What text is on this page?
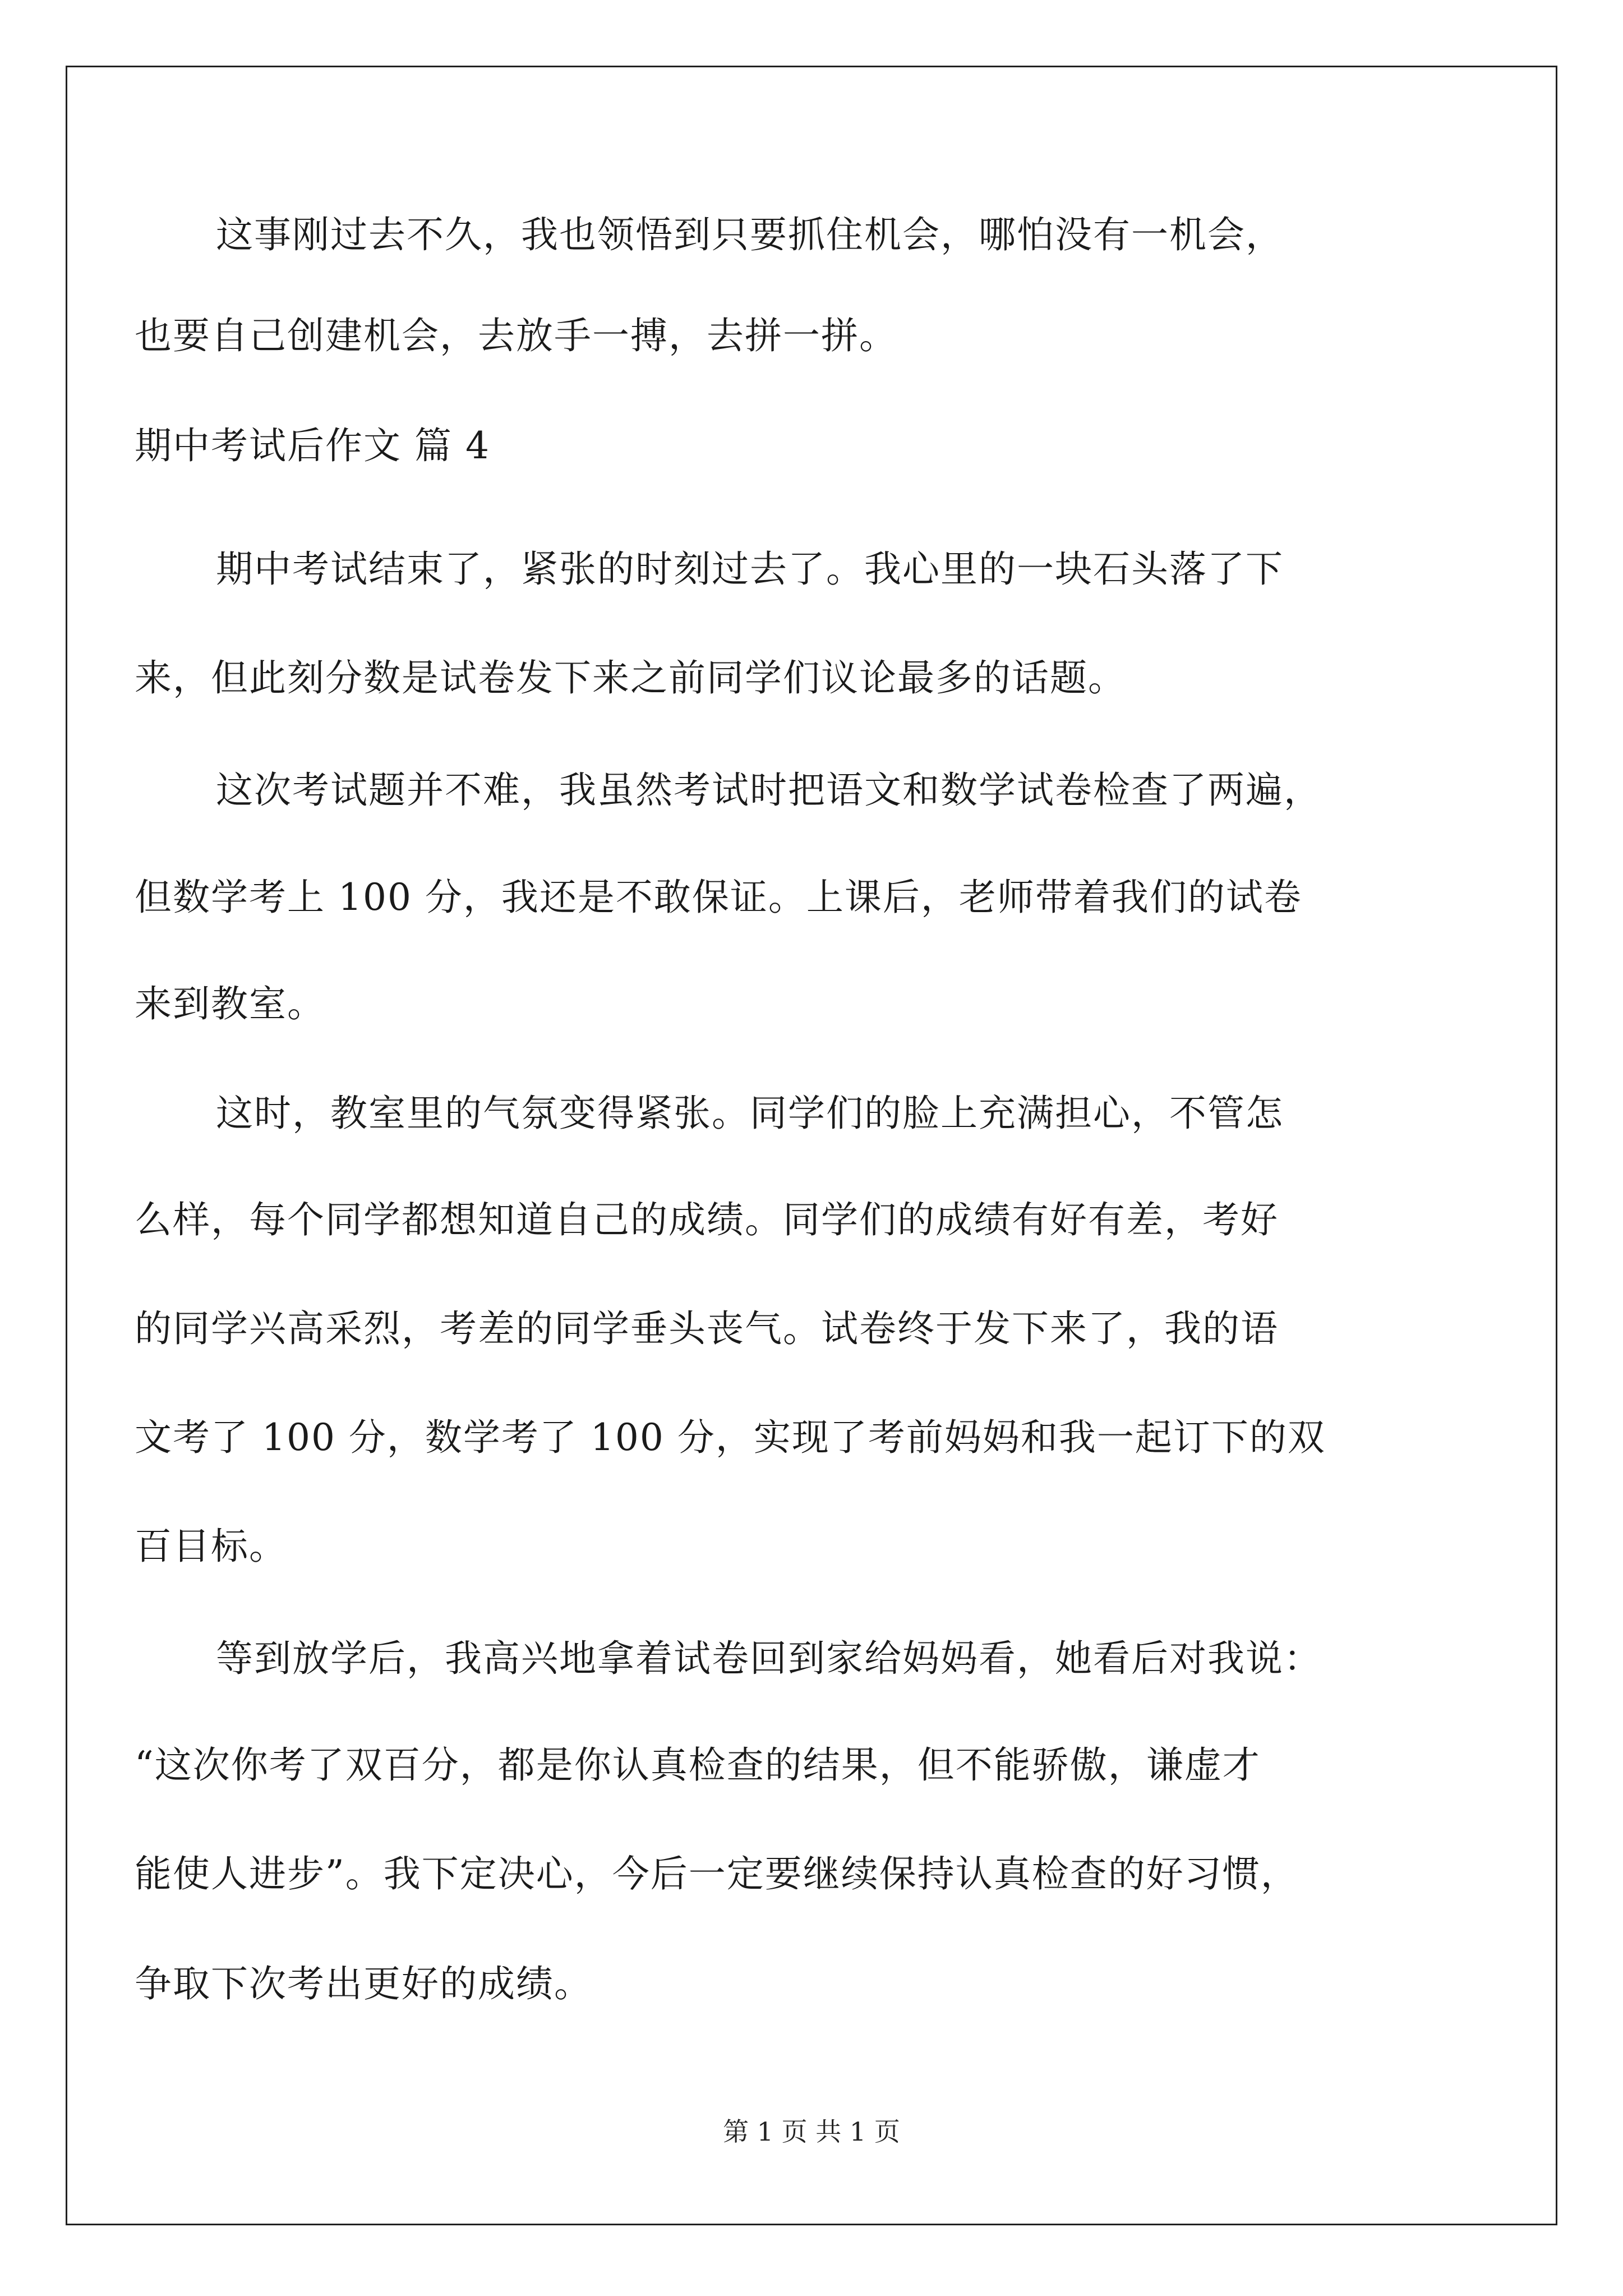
这事刚过去不久，我也领悟到只要抓住机会，哪怕没有一机会，
也要自己创建机会，去放手一搏，去拼一拼。
期中考试后作文 篇 4
期中考试结束了，紧张的时刻过去了。我心里的一块石头落了下
来，但此刻分数是试卷发下来之前同学们议论最多的话题。
这次考试题并不难，我虽然考试时把语文和数学试卷检查了两遍，
但数学考上 100 分，我还是不敢保证。上课后，老师带着我们的试卷
来到教室。
这时，教室里的气氛变得紧张。同学们的脸上充满担心，不管怎
么样，每个同学都想知道自己的成绩。同学们的成绩有好有差，考好
的同学兴高采烈，考差的同学垂头丧气。试卷终于发下来了，我的语
文考了 100 分，数学考了 100 分，实现了考前妈妈和我一起订下的双
百目标。
等到放学后，我高兴地拿着试卷回到家给妈妈看，她看后对我说：
“这次你考了双百分，都是你认真检查的结果，但不能骄傲，谦虚才
能使人进步”。我下定决心，今后一定要继续保持认真检查的好习惯，
争取下次考出更好的成绩。
第 1 页 共 1 页
